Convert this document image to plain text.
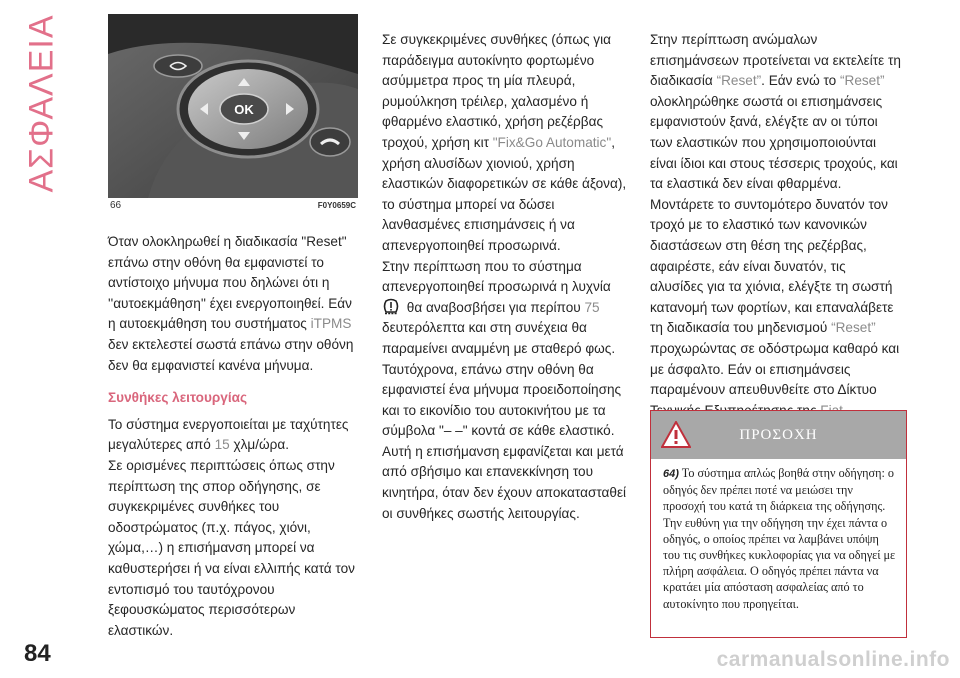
ΑΣΦΑΛΕΙΑ	OK
66	F0Y0659C

Όταν ολοκληρωθεί η διαδικασία "Reset" επάνω στην οθόνη θα εμφανιστεί το αντίστοιχο μήνυμα που δηλώνει ότι η ''αυτοεκμάθηση'' έχει ενεργοποιηθεί. Εάν η αυτοεκμάθηση του συστήματος iTPMS δεν εκτελεστεί σωστά επάνω στην οθόνη δεν θα εμφανιστεί κανένα μήνυμα.

Συνθήκες λειτουργίας

Το σύστημα ενεργοποιείται με ταχύτητες μεγαλύτερες από 15 χλμ/ώρα.

Σε ορισμένες περιπτώσεις όπως στην περίπτωση της σπορ οδήγησης, σε συγκεκριμένες συνθήκες του οδοστρώματος (π.χ. πάγος, χιόνι, χώμα,…) η επισήμανση μπορεί να καθυστερήσει ή να είναι ελλιπής κατά τον εντοπισμό του ταυτόχρονου ξεφουσκώματος περισσότερων ελαστικών.

Σε συγκεκριμένες συνθήκες (όπως για παράδειγμα αυτοκίνητο φορτωμένο ασύμμετρα προς τη μία πλευρά, ρυμούλκηση τρέιλερ, χαλασμένο ή φθαρμένο ελαστικό, χρήση ρεζέρβας τροχού, χρήση κιτ "Fix&Go Automatic", χρήση αλυσίδων χιονιού, χρήση ελαστικών διαφορετικών σε κάθε άξονα), το σύστημα μπορεί να δώσει λανθασμένες επισημάνσεις ή να απενεργοποιηθεί προσωρινά.

Στην περίπτωση που το σύστημα απενεργοποιηθεί προσωρινά η λυχνία

θα αναβοσβήσει για περίπου 75 δευτερόλεπτα και στη συνέχεια θα παραμείνει αναμμένη με σταθερό φως.

Ταυτόχρονα, επάνω στην οθόνη θα εμφανιστεί ένα μήνυμα προειδοποίησης και το εικονίδιο του αυτοκινήτου με τα σύμβολα "– –" κοντά σε κάθε ελαστικό.

Αυτή η επισήμανση εμφανίζεται και μετά από σβήσιμο και επανεκκίνηση του κινητήρα, όταν δεν έχουν αποκατασταθεί οι συνθήκες σωστής λειτουργίας.

Στην περίπτωση ανώμαλων επισημάνσεων προτείνεται να εκτελείτε τη διαδικασία “Reset”. Εάν ενώ το “Reset” ολοκληρώθηκε σωστά οι επισημάνσεις εμφανιστούν ξανά, ελέγξτε αν οι τύποι των ελαστικών που χρησιμοποιούνται είναι ίδιοι και στους τέσσερις τροχούς, και τα ελαστικά δεν είναι φθαρμένα. Μοντάρετε το συντομότερο δυνατόν τον τροχό με το ελαστικό των κανονικών διαστάσεων στη θέση της ρεζέρβας, αφαιρέστε, εάν είναι δυνατόν, τις αλυσίδες για τα χιόνια, ελέγξτε τη σωστή κατανομή των φορτίων, και επαναλάβετε τη διαδικασία του μηδενισμού “Reset” προχωρώντας σε οδόστρωμα καθαρό και με άσφαλτο. Εάν οι επισημάνσεις παραμένουν απευθυνθείτε στο Δίκτυο

ΠΡΟΣΟΧΗ
64) Το σύστημα απλώς βοηθά στην οδήγηση: ο οδηγός δεν πρέπει ποτέ να μειώσει την προσοχή του κατά τη διάρκεια της οδήγησης. Την ευθύνη για την οδήγηση την έχει πάντα ο οδηγός, ο οποίος πρέπει να λαμβάνει υπόψη του τις συνθήκες κυκλοφορίας για να οδηγεί με πλήρη ασφάλεια. Ο οδηγός πρέπει πάντα να κρατάει μία απόσταση ασφαλείας από το αυτοκίνητο που προηγείται.
84	carmanualsonline.info
